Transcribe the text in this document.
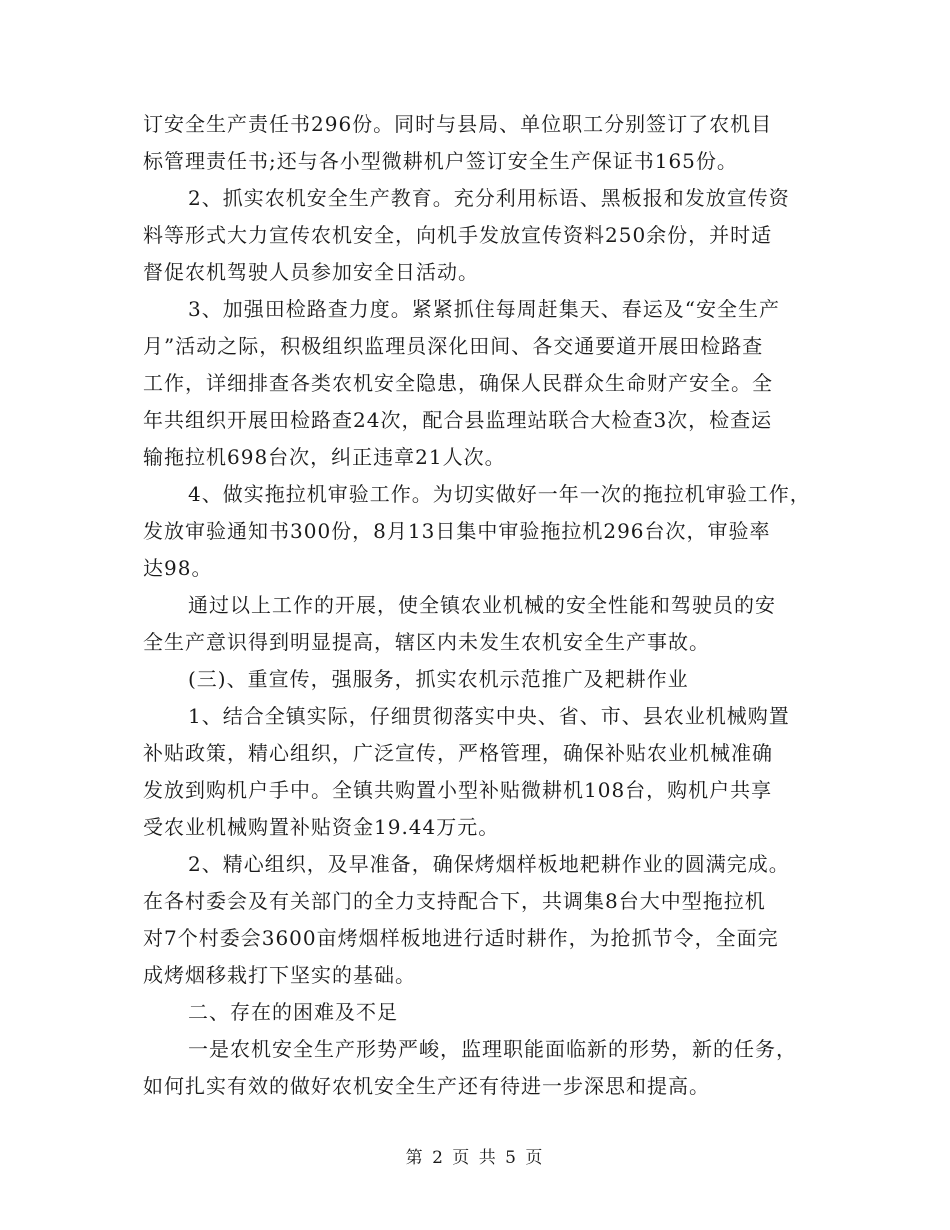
订安全生产责任书296份。同时与县局、单位职工分别签订了农机目
标管理责任书;还与各小型微耕机户签订安全生产保证书165份。
2、抓实农机安全生产教育。充分利用标语、黑板报和发放宣传资
料等形式大力宣传农机安全，向机手发放宣传资料250余份，并时适
督促农机驾驶人员参加安全日活动。
3、加强田检路查力度。紧紧抓住每周赶集天、春运及“安全生产
月”活动之际，积极组织监理员深化田间、各交通要道开展田检路查
工作，详细排查各类农机安全隐患，确保人民群众生命财产安全。全
年共组织开展田检路查24次，配合县监理站联合大检查3次，检查运
输拖拉机698台次，纠正违章21人次。
4、做实拖拉机审验工作。为切实做好一年一次的拖拉机审验工作，
发放审验通知书300份，8月13日集中审验拖拉机296台次，审验率
达98。
通过以上工作的开展，使全镇农业机械的安全性能和驾驶员的安
全生产意识得到明显提高，辖区内未发生农机安全生产事故。
(三)、重宣传，强服务，抓实农机示范推广及耙耕作业
1、结合全镇实际，仔细贯彻落实中央、省、市、县农业机械购置
补贴政策，精心组织，广泛宣传，严格管理，确保补贴农业机械准确
发放到购机户手中。全镇共购置小型补贴微耕机108台，购机户共享
受农业机械购置补贴资金19.44万元。
2、精心组织，及早准备，确保烤烟样板地耙耕作业的圆满完成。
在各村委会及有关部门的全力支持配合下，共调集8台大中型拖拉机
对7个村委会3600亩烤烟样板地进行适时耕作，为抢抓节令，全面完
成烤烟移栽打下坚实的基础。
二、存在的困难及不足
一是农机安全生产形势严峻，监理职能面临新的形势，新的任务，
如何扎实有效的做好农机安全生产还有待进一步深思和提高。
第 2 页 共 5 页
